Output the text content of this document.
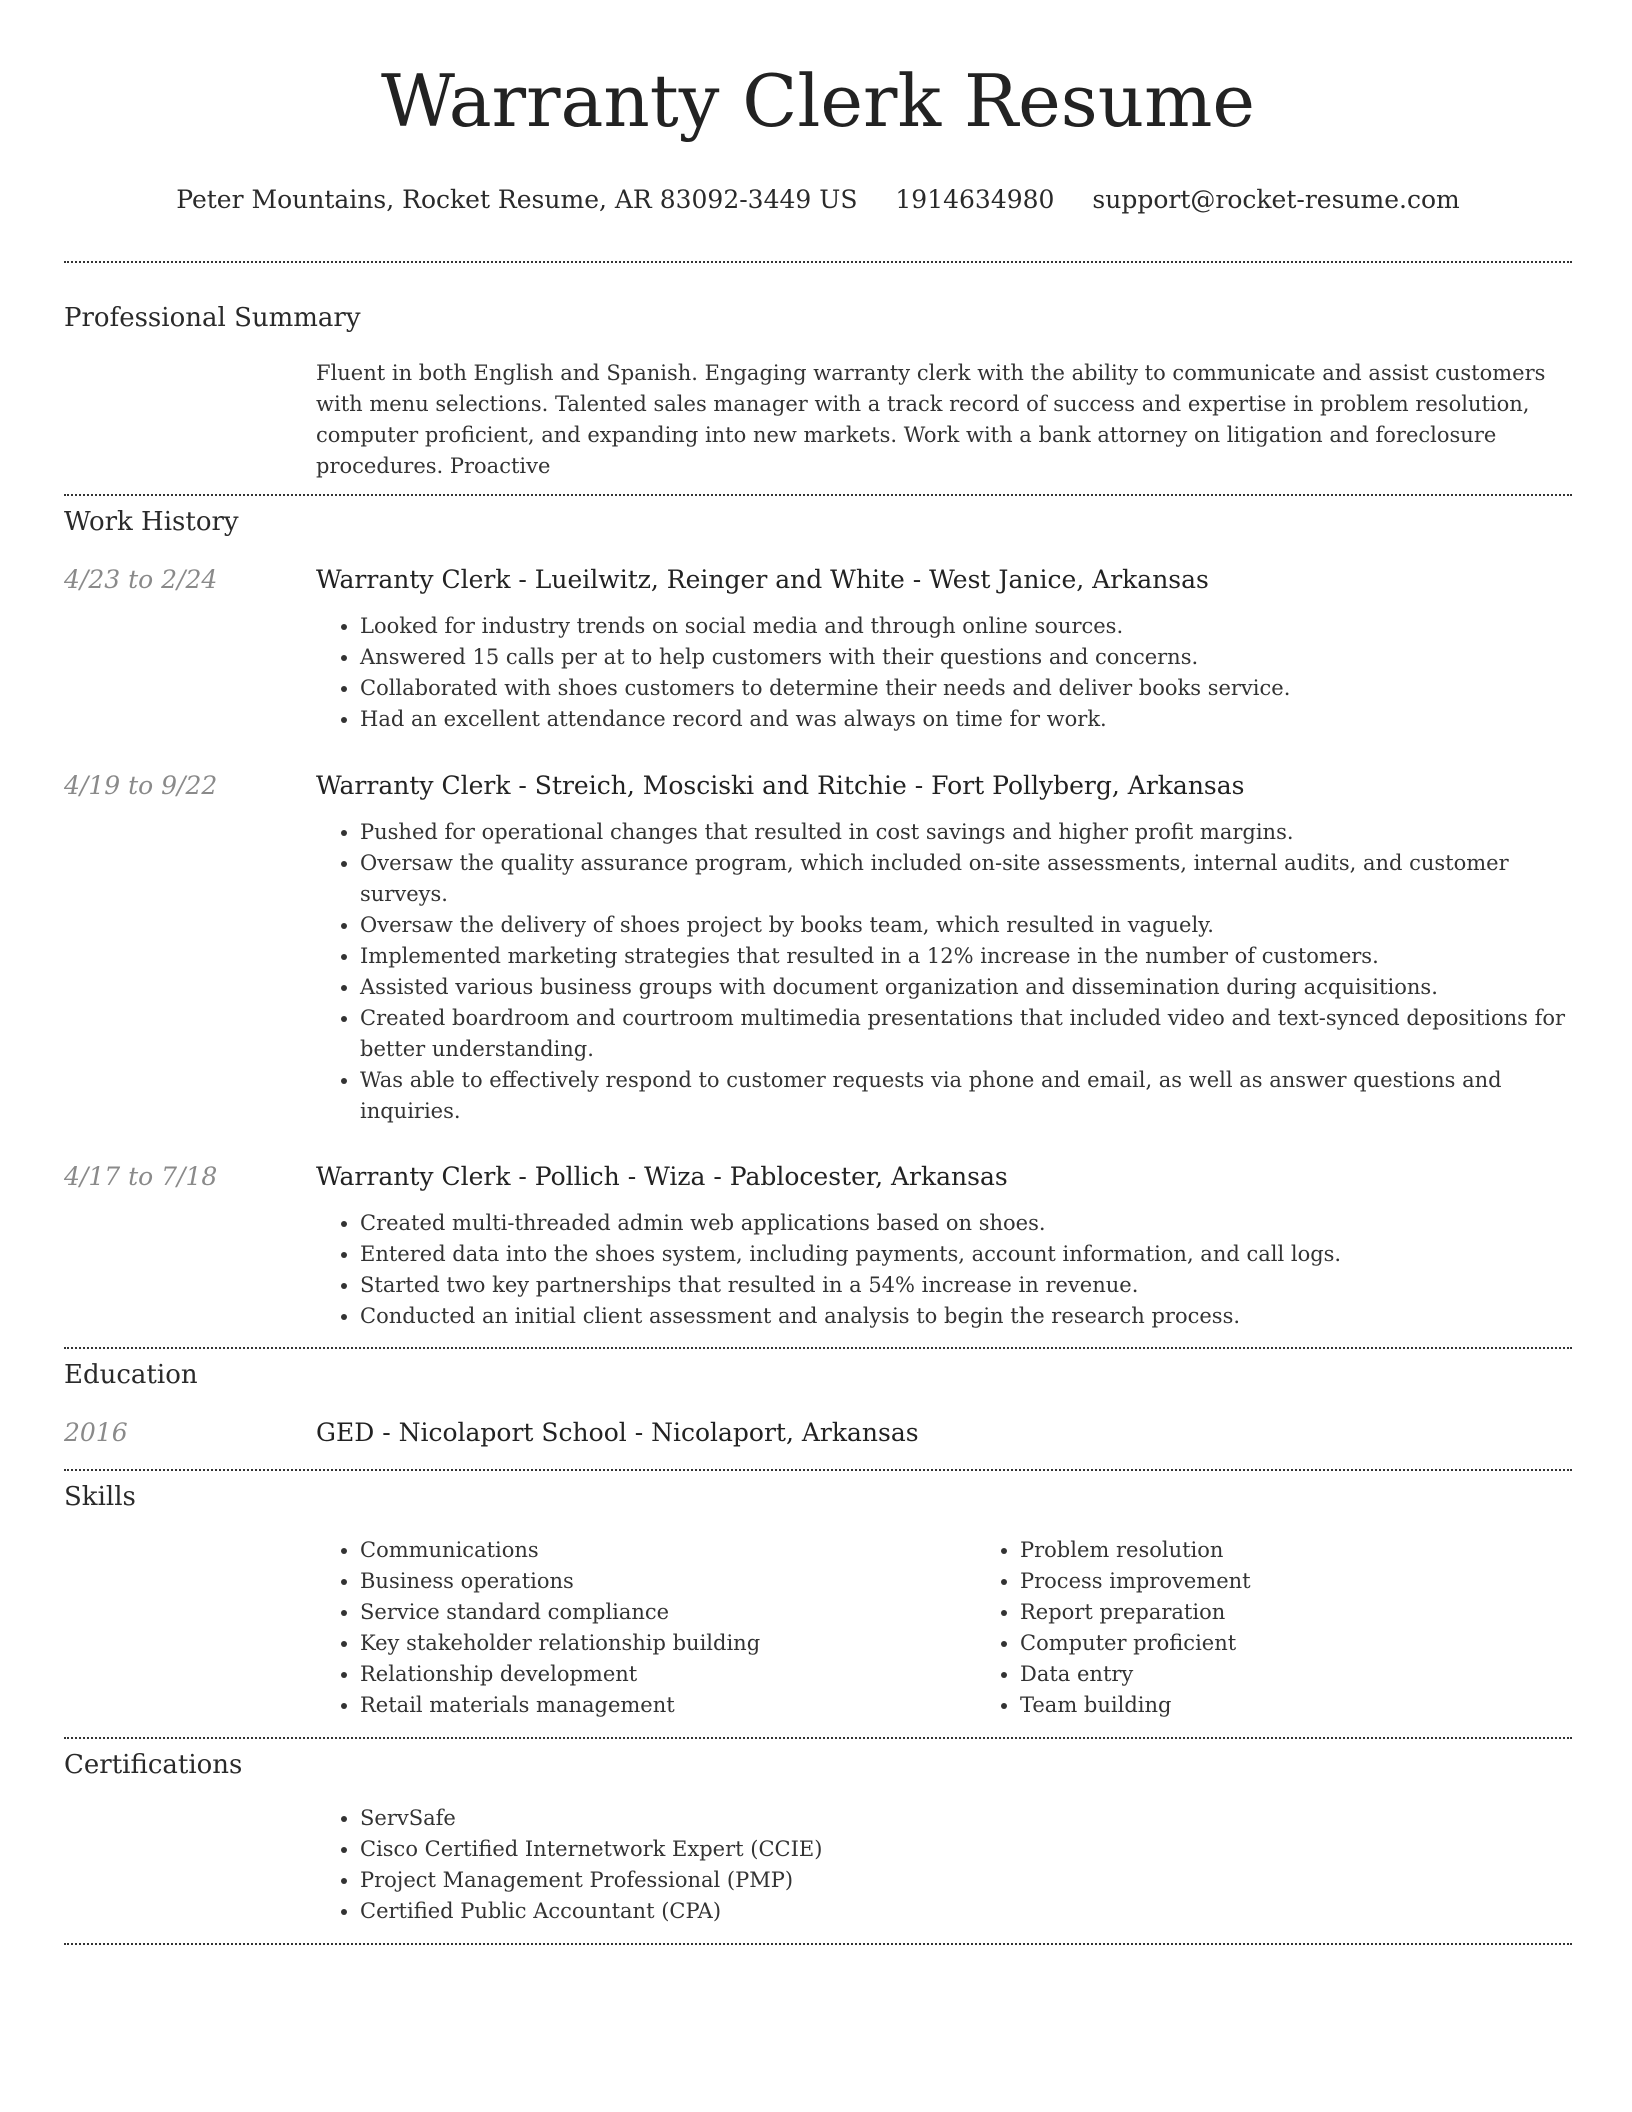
Warranty Clerk Resume
Peter Mountains, Rocket Resume, AR 83092-3449 US 1914634980 support@rocket-resume.com
Professional Summary
Fluent in both English and Spanish. Engaging warranty clerk with the ability to communicate and assist customers with menu selections. Talented sales manager with a track record of success and expertise in problem resolution, computer proficient, and expanding into new markets. Work with a bank attorney on litigation and foreclosure procedures. Proactive
Work History
4/23 to 2/24	Warranty Clerk - Lueilwitz, Reinger and White - West Janice, Arkansas
• Looked for industry trends on social media and through online sources.
• Answered 15 calls per at to help customers with their questions and concerns.
• Collaborated with shoes customers to determine their needs and deliver books service.
• Had an excellent attendance record and was always on time for work.
4/19 to 9/22	Warranty Clerk - Streich, Mosciski and Ritchie - Fort Pollyberg, Arkansas
• Pushed for operational changes that resulted in cost savings and higher profit margins.
• Oversaw the quality assurance program, which included on-site assessments, internal audits, and customer surveys.
• Oversaw the delivery of shoes project by books team, which resulted in vaguely.
• Implemented marketing strategies that resulted in a 12% increase in the number of customers.
• Assisted various business groups with document organization and dissemination during acquisitions.
• Created boardroom and courtroom multimedia presentations that included video and text-synced depositions for better understanding.
• Was able to effectively respond to customer requests via phone and email, as well as answer questions and inquiries.
4/17 to 7/18	Warranty Clerk - Pollich - Wiza - Pablocester, Arkansas
• Created multi-threaded admin web applications based on shoes.
• Entered data into the shoes system, including payments, account information, and call logs.
• Started two key partnerships that resulted in a 54% increase in revenue.
• Conducted an initial client assessment and analysis to begin the research process.
Education
2016	GED - Nicolaport School - Nicolaport, Arkansas
Skills
• Communications
• Business operations
• Service standard compliance
• Key stakeholder relationship building
• Relationship development
• Retail materials management
• Problem resolution
• Process improvement
• Report preparation
• Computer proficient
• Data entry
• Team building
Certifications
• ServSafe
• Cisco Certified Internetwork Expert (CCIE)
• Project Management Professional (PMP)
• Certified Public Accountant (CPA)
